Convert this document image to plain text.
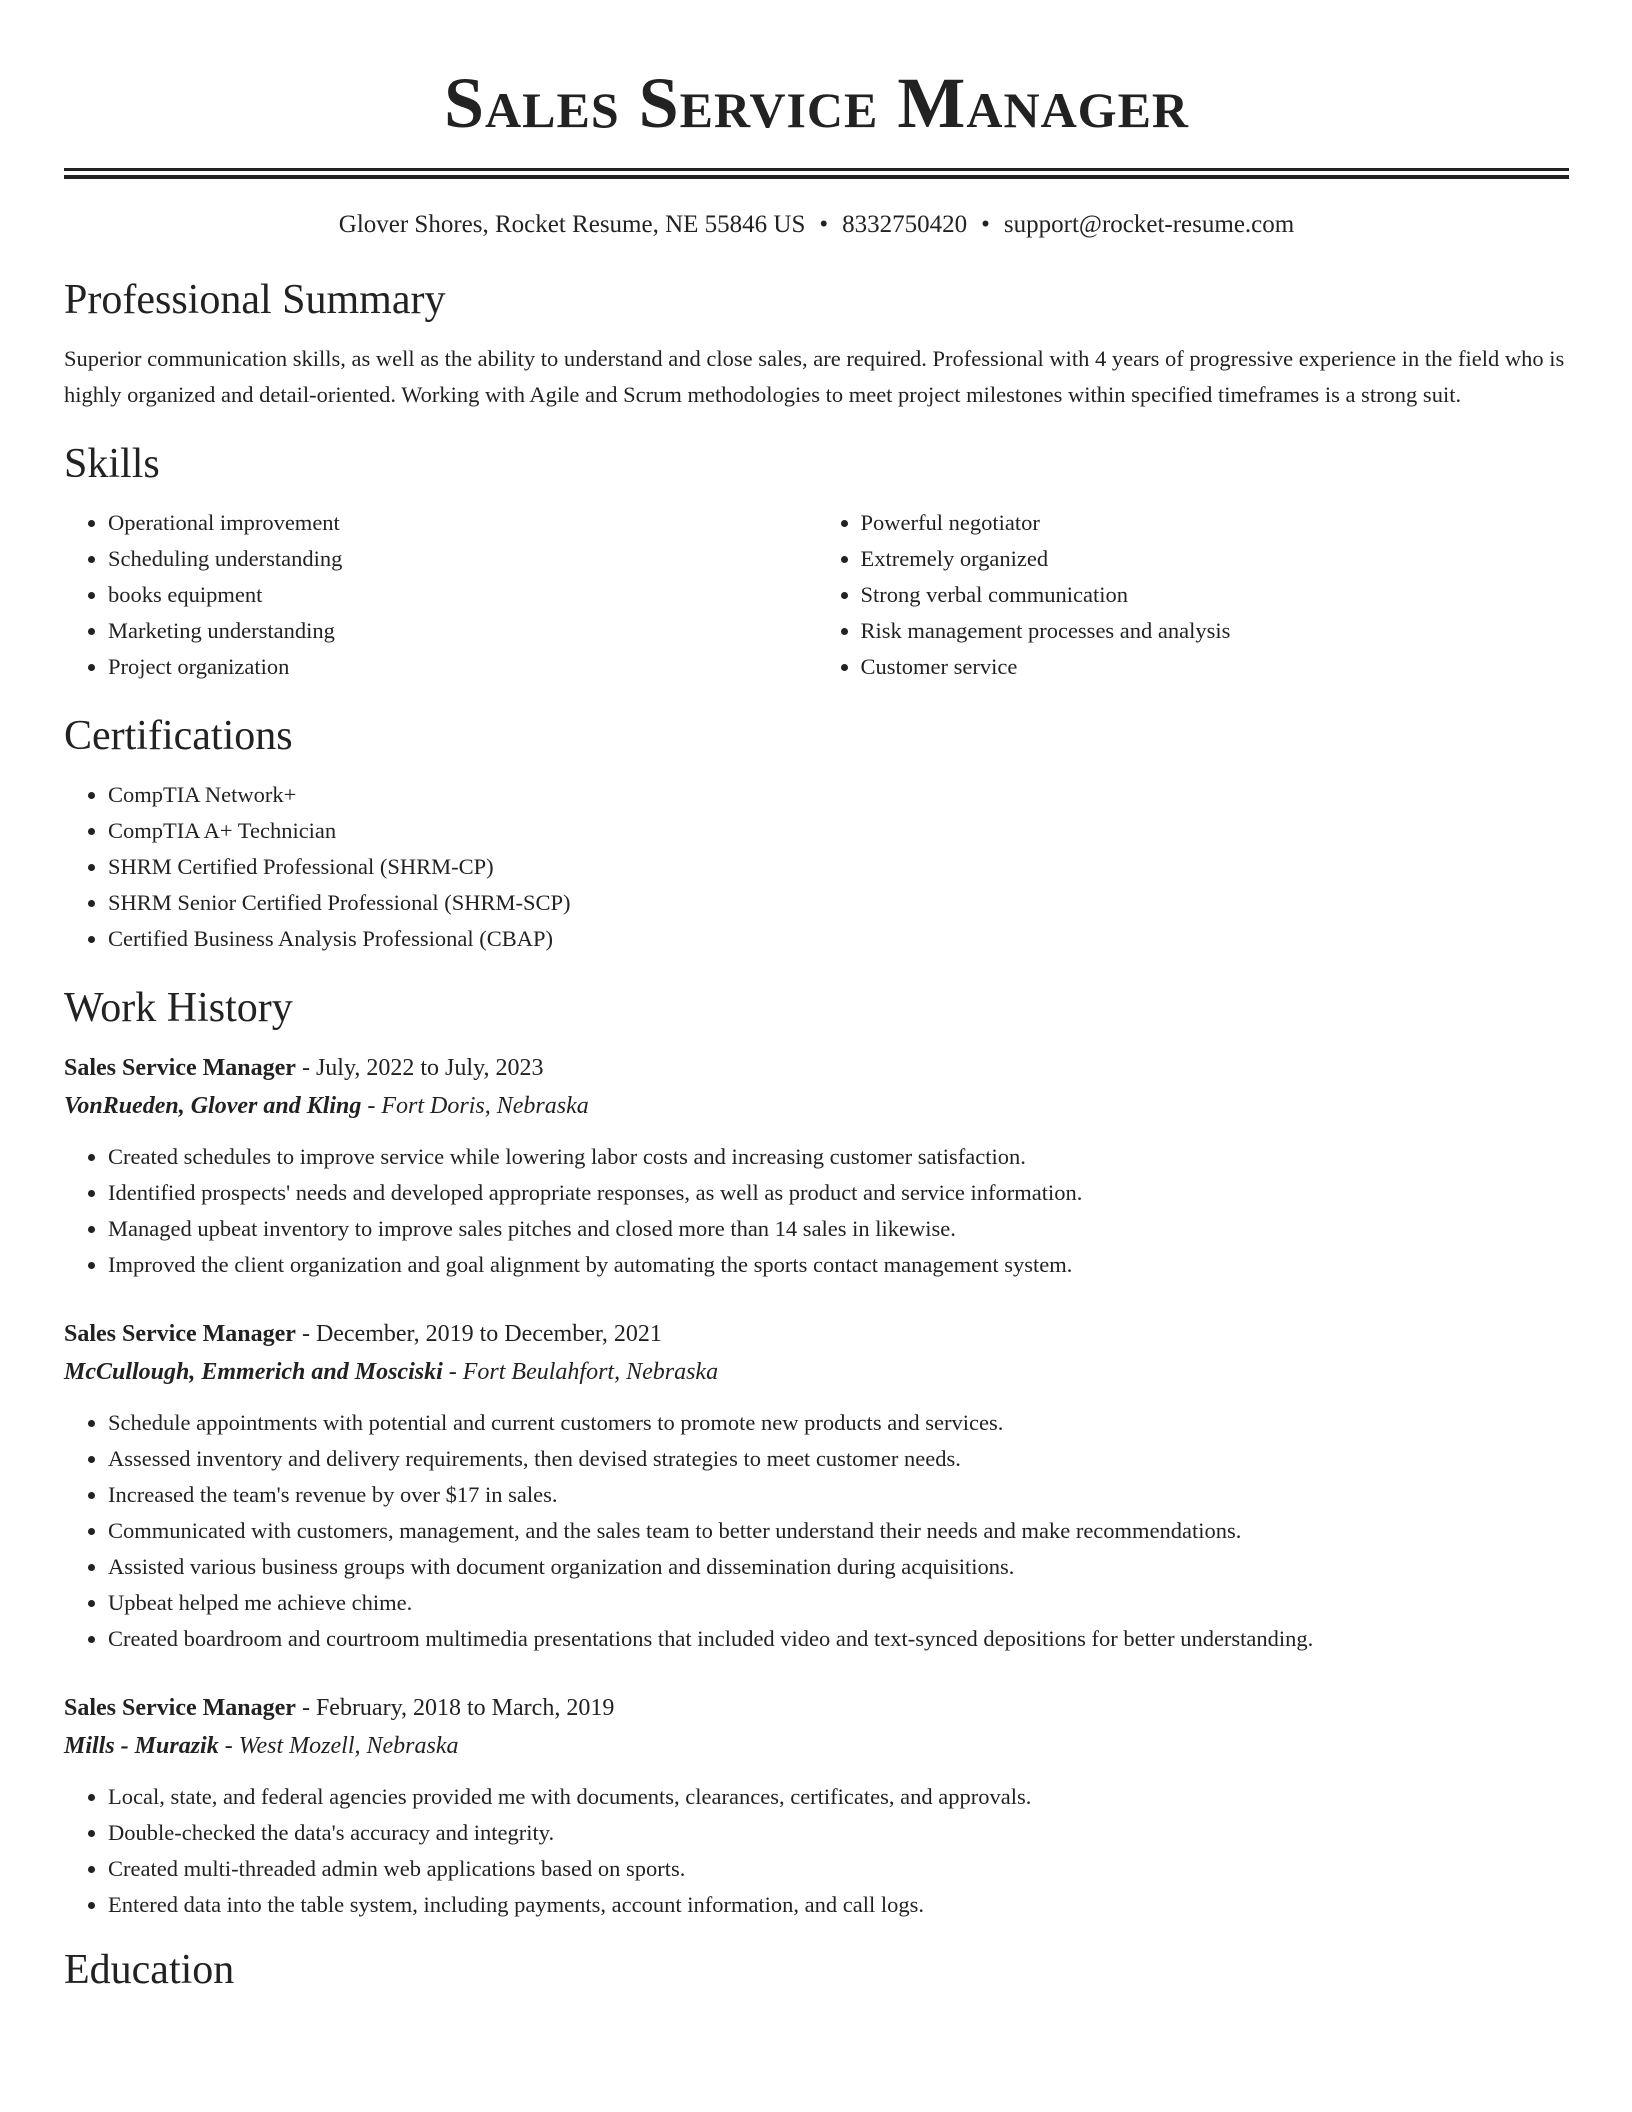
Sales Service Manager
Glover Shores, Rocket Resume, NE 55846 US • 8332750420 • support@rocket-resume.com
Professional Summary

Superior communication skills, as well as the ability to understand and close sales, are required. Professional with 4 years of progressive experience in the field who is highly organized and detail-oriented. Working with Agile and Scrum methodologies to meet project milestones within specified timeframes is a strong suit.

Skills
• Operational improvement
• Scheduling understanding
• books equipment
• Marketing understanding
• Project organization
• Powerful negotiator
• Extremely organized
• Strong verbal communication
• Risk management processes and analysis
• Customer service
Certifications
• CompTIA Network+
• CompTIA A+ Technician
• SHRM Certified Professional (SHRM-CP)
• SHRM Senior Certified Professional (SHRM-SCP)
• Certified Business Analysis Professional (CBAP)
Work History
Sales Service Manager - July, 2022 to July, 2023
VonRueden, Glover and Kling - Fort Doris, Nebraska
• Created schedules to improve service while lowering labor costs and increasing customer satisfaction.
• Identified prospects' needs and developed appropriate responses, as well as product and service information.
• Managed upbeat inventory to improve sales pitches and closed more than 14 sales in likewise.
• Improved the client organization and goal alignment by automating the sports contact management system.
Sales Service Manager - December, 2019 to December, 2021
McCullough, Emmerich and Mosciski - Fort Beulahfort, Nebraska
• Schedule appointments with potential and current customers to promote new products and services.
• Assessed inventory and delivery requirements, then devised strategies to meet customer needs.
• Increased the team's revenue by over $17 in sales.
• Communicated with customers, management, and the sales team to better understand their needs and make recommendations.
• Assisted various business groups with document organization and dissemination during acquisitions.
• Upbeat helped me achieve chime.
• Created boardroom and courtroom multimedia presentations that included video and text-synced depositions for better understanding.
Sales Service Manager - February, 2018 to March, 2019
Mills - Murazik - West Mozell, Nebraska
• Local, state, and federal agencies provided me with documents, clearances, certificates, and approvals.
• Double-checked the data's accuracy and integrity.
• Created multi-threaded admin web applications based on sports.
• Entered data into the table system, including payments, account information, and call logs.
Education
